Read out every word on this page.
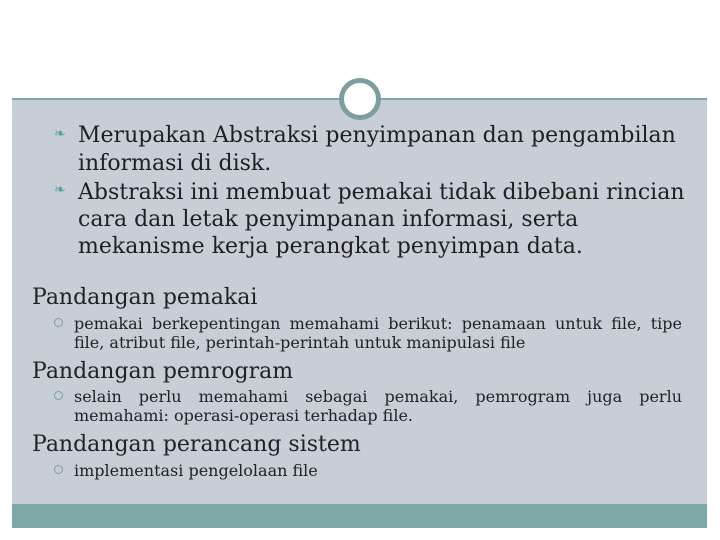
❧ Merupakan Abstraksi penyimpanan dan pengambilan informasi di disk.
❧ Abstraksi ini membuat pemakai tidak dibebani rincian cara dan letak penyimpanan informasi, serta mekanisme kerja perangkat penyimpan data.
Pandangan pemakai
pemakai berkepentingan memahami berikut: penamaan untuk file, tipe file, atribut file, perintah-perintah untuk manipulasi file
Pandangan pemrogram
selain perlu memahami sebagai pemakai, pemrogram juga perlu memahami: operasi-operasi terhadap file.
Pandangan perancang sistem
implementasi pengelolaan file
